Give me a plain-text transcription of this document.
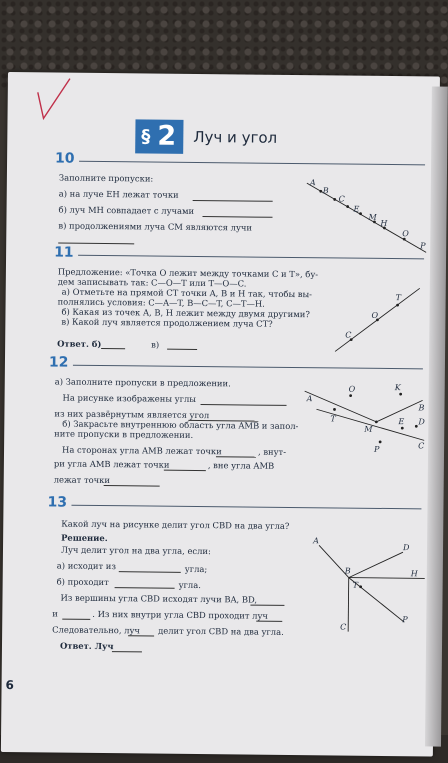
§ 2 Луч и угол
10
Заполните пропуски:
а) на луче EH лежат точки
б) луч MH совпадает с лучами
в) продолжениями луча CM являются лучи
A
B
C
E
M
H
O
P
11
Предложение: «Точка O лежит между точками C и T», бу-
дем записывать так: C—O—T или T—O—C.
а) Отметьте на прямой CT точки A, B и H так, чтобы вы-
полнялись условия: C—A—T, B—C—T, C—T—H.
б) Какая из точек A, B, H лежит между двумя другими?
в) Какой луч является продолжением луча CT?
Ответ. б)	в)
T
O
C
12
а) Заполните пропуски в предложении.
На рисунке изображены углы
из них развёрнутым является угол
б) Закрасьте внутреннюю область угла AMB и запол-
ните пропуски в предложении.
На сторонах угла AMB лежат точки	, внут-
ри угла AMB лежат точки	, вне угла AMB
лежат точки
O	K
A
T
B
M
E D
P	C
13
Какой луч на рисунке делит угол CBD на два угла?
Решение.
Луч делит угол на два угла, если:
а) исходит из	угла;
б) проходит	угла.
Из вершины угла CBD исходят лучи BA, BD,
и	. Из них внутри угла CBD проходит луч
Следовательно, луч делит угол CBD на два угла.
Ответ. Луч
A
D
B	H
T
C
P
6
